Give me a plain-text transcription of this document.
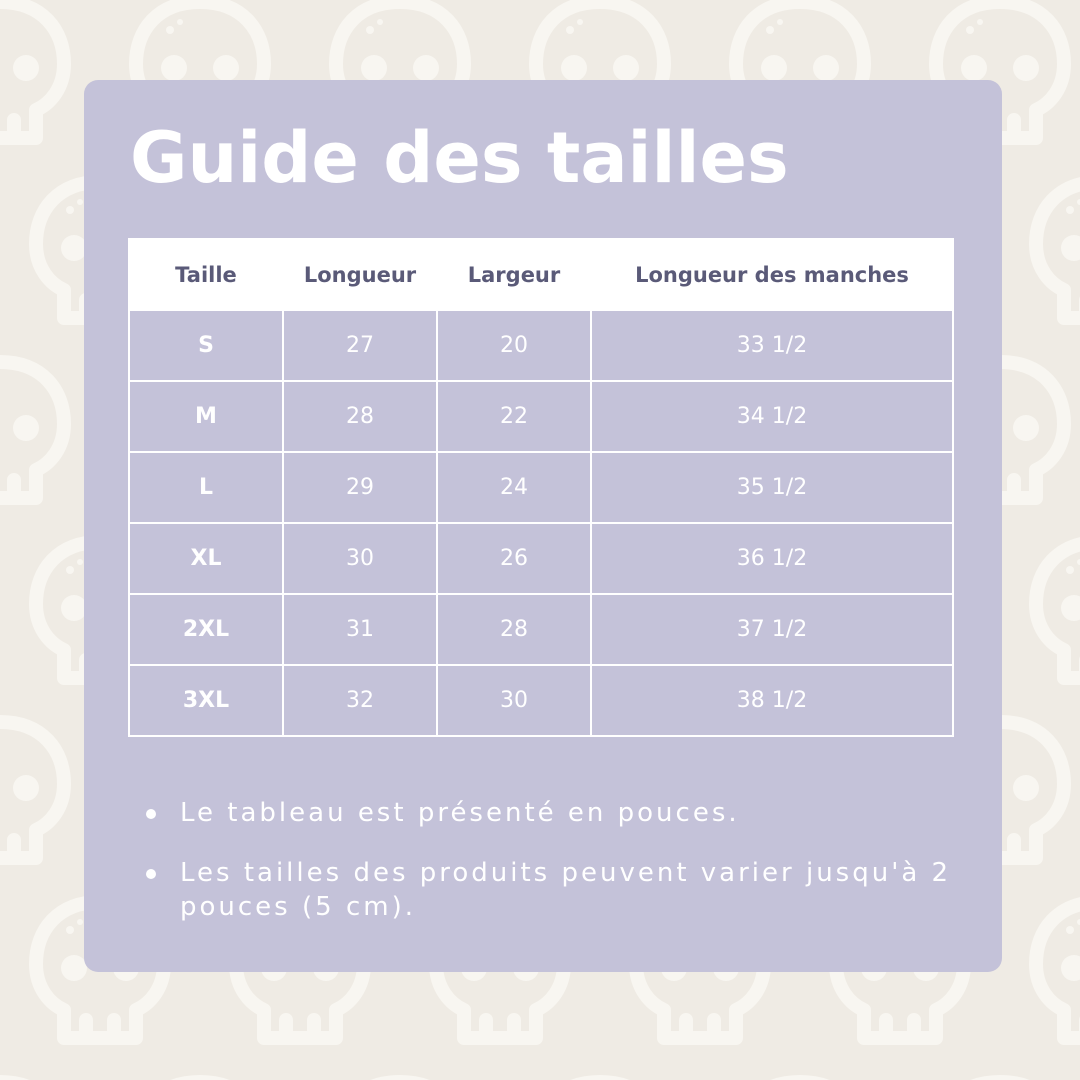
Guide des tailles
Taille	Longueur	Largeur	Longueur des manches
S	27	20	33 1/2
M	28	22	34 1/2
L	29	24	35 1/2
XL	30	26	36 1/2
2XL	31	28	37 1/2
3XL	32	30	38 1/2
Le tableau est présenté en pouces.
Les tailles des produits peuvent varier jusqu'à 2 pouces (5 cm).
